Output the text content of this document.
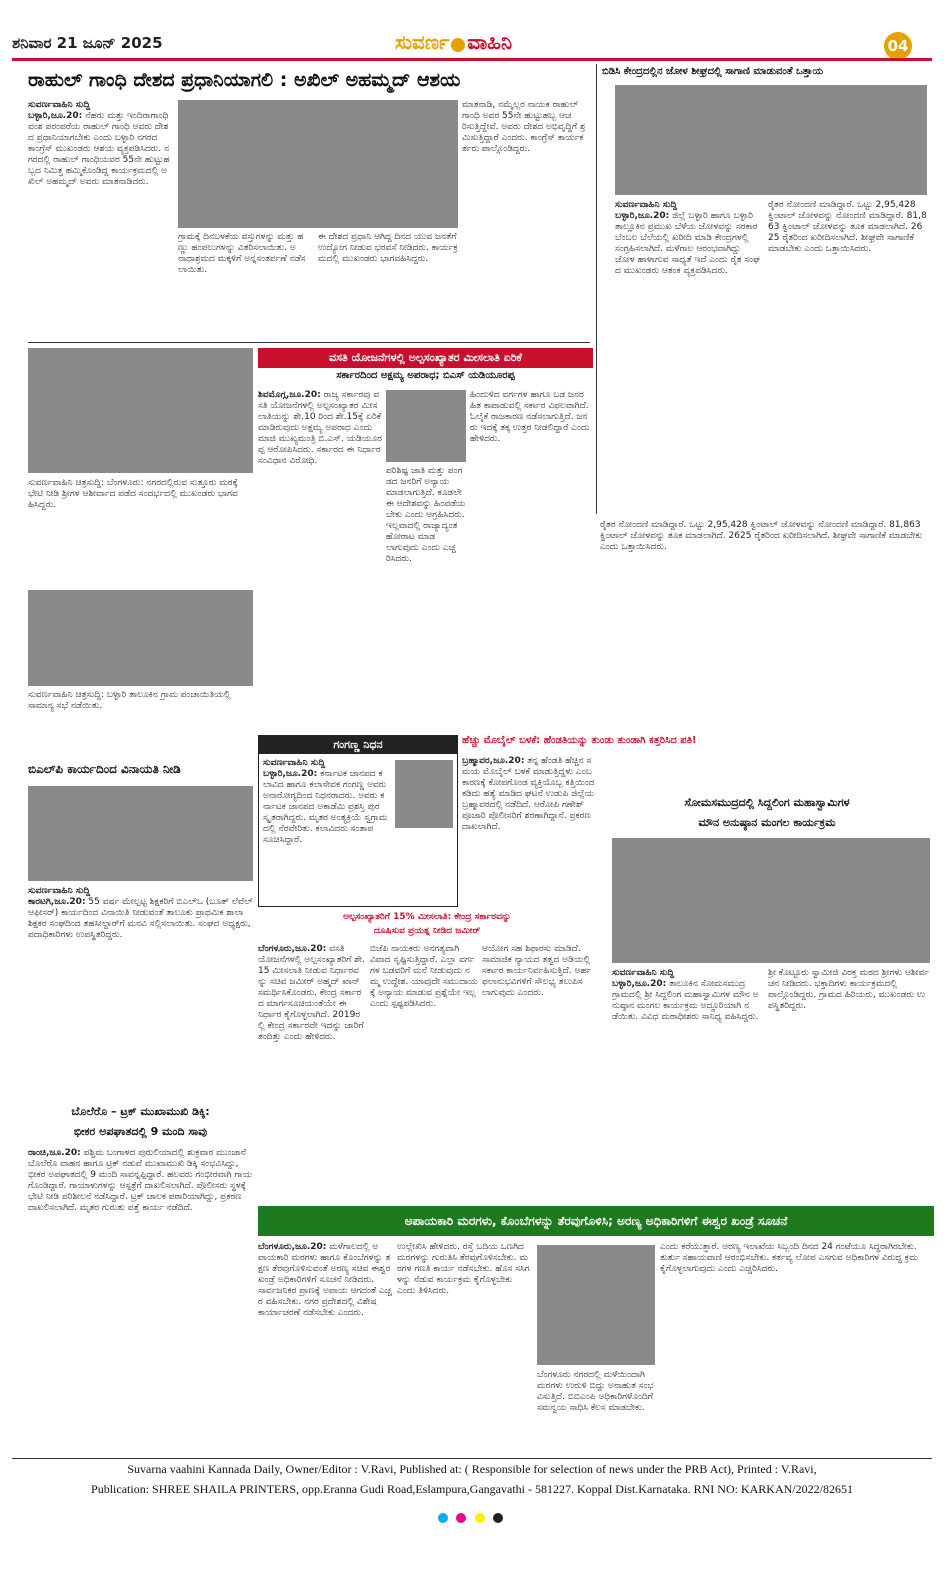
ಶನಿವಾರ 21 ಜೂನ್ 2025	ಸುವರ್ಣ ವಾಹಿನಿ	04
ರಾಹುಲ್ ಗಾಂಧಿ ದೇಶದ ಪ್ರಧಾನಿಯಾಗಲಿ : ಅಖಿಲ್ ಅಹಮ್ಮದ್ ಆಶಯ
ಸುವರ್ಣವಾಹಿನಿ ಸುದ್ದಿ
ಬಳ್ಳಾರಿ,ಜೂ.20: ನೆಹರು ಮತ್ತು ಇಂದಿರಾಗಾಂಧಿ ವಂಶ ಪರಂಪರೆಯ ರಾಹುಲ್ ಗಾಂಧಿ ಅವರು ದೇಶದ ಪ್ರಧಾನಿಯಾಗಬೇಕು ಎಂದು ಬಳ್ಳಾರಿ ನಗರದ ಕಾಂಗ್ರೆಸ್ ಮುಖಂಡರು ಆಶಯ ವ್ಯಕ್ತಪಡಿಸಿದರು. ನಗರದಲ್ಲಿ ರಾಹುಲ್ ಗಾಂಧಿಯವರ 55ನೇ ಹುಟ್ಟುಹಬ್ಬದ ನಿಮಿತ್ತ ಹಮ್ಮಿಕೊಂಡಿದ್ದ ಕಾರ್ಯಕ್ರಮದಲ್ಲಿ ಅಖಿಲ್ ಅಹಮ್ಮದ್ ಅವರು ಮಾತನಾಡಿದರು.
ಗ್ರಾಮಕ್ಕೆ ದಿನಬಳಕೆಯ ವಸ್ತುಗಳನ್ನು ಮತ್ತು ಹಣ್ಣು ಹಂಪಲುಗಳನ್ನು ವಿತರಿಸಲಾಯಿತು. ಅನಾಥಾಶ್ರಮದ ಮಕ್ಕಳಿಗೆ ಅನ್ನಸಂತರ್ಪಣೆ ನಡೆಸಲಾಯಿತು.
ಈ ದೇಶದ ಪ್ರಧಾನಿ ಆಗಿದ್ದ ದಿನದ ಯುವ ಜನತೆಗೆ ಉದ್ಯೋಗ ನೀಡುವ ಭರವಸೆ ನೀಡಿದರು. ಕಾರ್ಯಕ್ರಮದಲ್ಲಿ ಮುಖಂಡರು ಭಾಗವಹಿಸಿದ್ದರು.
ಮಾತನಾಡಿ, ನಮ್ಮೆಲ್ಲರ ನಾಯಕ ರಾಹುಲ್ ಗಾಂಧಿ ಅವರ 55ನೇ ಹುಟ್ಟುಹಬ್ಬ ಆಚರಿಸುತ್ತಿದ್ದೇವೆ. ಅವರು ದೇಶದ ಅಭಿವೃದ್ಧಿಗೆ ಶ್ರಮಿಸುತ್ತಿದ್ದಾರೆ ಎಂದರು. ಕಾಂಗ್ರೆಸ್ ಕಾರ್ಯಕರ್ತರು ಪಾಲ್ಗೊಂಡಿದ್ದರು.
ಬಿಡಿಸಿ ಕೇಂದ್ರದಲ್ಲಿನ ಜೋಳ ಶೀಘ್ರದಲ್ಲಿ ಸಾಗಾಣಿ ಮಾಡುವಂತೆ ಒತ್ತಾಯ
ಸುವರ್ಣವಾಹಿನಿ ಸುದ್ದಿ
ಬಳ್ಳಾರಿ,ಜೂ.20: ಜಿಲ್ಲೆ ಬಳ್ಳಾರಿ ಹಾಗೂ ಬಳ್ಳಾರಿ ತಾಲ್ಲೂಕಿನ ಪ್ರಮುಖ ಬೆಳೆಯ ಜೋಳವನ್ನು ಸರಕಾರ ಬೆಂಬಲ ಬೆಲೆಯಲ್ಲಿ ಖರೀದಿ ಮಾಡಿ ಕೇಂದ್ರಗಳಲ್ಲಿ ಸಂಗ್ರಹಿಸಲಾಗಿದೆ. ಮಳೆಗಾಲ ಆರಂಭವಾಗಿದ್ದು ಜೋಳ ಹಾಳಾಗುವ ಸಾಧ್ಯತೆ ಇದೆ ಎಂದು ರೈತ ಸಂಘದ ಮುಖಂಡರು ಆತಂಕ ವ್ಯಕ್ತಪಡಿಸಿದರು.
ರೈತರ ನೋಂದಣಿ ಮಾಡಿದ್ದಾರೆ. ಒಟ್ಟು 2,95,428 ಕ್ವಿಂಟಾಲ್ ಜೋಳವನ್ನು ನೋಂದಣಿ ಮಾಡಿದ್ದಾರೆ. 81,863 ಕ್ವಿಂಟಾಲ್ ಜೋಳವನ್ನು ತೂಕ ಮಾಡಲಾಗಿದೆ. 2625 ರೈತರಿಂದ ಖರೀದಿಸಲಾಗಿದೆ. ಶೀಘ್ರವೇ ಸಾಗಾಣಿಕೆ ಮಾಡಬೇಕು ಎಂದು ಒತ್ತಾಯಿಸಿದರು.
ಸುವರ್ಣವಾಹಿನಿ ಚಿತ್ರಸುದ್ದಿ: ಬೆಂಗಳೂರು: ನಗರದಲ್ಲಿರುವ ಸುತ್ತೂರು ಮಠಕ್ಕೆ ಭೇಟಿ ನೀಡಿ ಶ್ರೀಗಳ ಆಶೀರ್ವಾದ ಪಡೆದ ಸಂದರ್ಭದಲ್ಲಿ ಮುಖಂಡರು ಭಾಗವಹಿಸಿದ್ದರು.
ಸುವರ್ಣವಾಹಿನಿ ಚಿತ್ರಸುದ್ದಿ: ಬಳ್ಳಾರಿ ತಾಲೂಕಿನ ಗ್ರಾಮ ಪಂಚಾಯಿತಿಯಲ್ಲಿ ಸಾಮಾನ್ಯ ಸಭೆ ನಡೆಯಿತು.
ವಸತಿ ಯೋಜನೆಗಳಲ್ಲಿ ಅಲ್ಪಸಂಖ್ಯಾತರ ಮೀಸಲಾತಿ ಏರಿಕೆ
ಸರ್ಕಾರದಿಂದ ಅಕ್ಷಮ್ಯ ಅಪರಾಧ; ಬಿಎಸ್ ಯಡಿಯೂರಪ್ಪ
ಶಿವಮೊಗ್ಗ,ಜೂ.20: ರಾಜ್ಯ ಸರ್ಕಾರವು ವಸತಿ ಯೋಜನೆಗಳಲ್ಲಿ ಅಲ್ಪಸಂಖ್ಯಾತರ ಮೀಸಲಾತಿಯನ್ನು ಶೇ.10 ರಿಂದ ಶೇ.15ಕ್ಕೆ ಏರಿಕೆ ಮಾಡಿರುವುದು ಅಕ್ಷಮ್ಯ ಅಪರಾಧ ಎಂದು ಮಾಜಿ ಮುಖ್ಯಮಂತ್ರಿ ಬಿ.ಎಸ್. ಯಡಿಯೂರಪ್ಪ ಆರೋಪಿಸಿದರು. ಸರ್ಕಾರದ ಈ ನಿರ್ಧಾರ ಸಂವಿಧಾನ ವಿರೋಧಿ.
ಪರಿಶಿಷ್ಟ ಜಾತಿ ಮತ್ತು ಪಂಗಡದ ಜನರಿಗೆ ಅನ್ಯಾಯ ಮಾಡಲಾಗುತ್ತಿದೆ. ಕೂಡಲೇ ಈ ಆದೇಶವನ್ನು ಹಿಂಪಡೆಯಬೇಕು ಎಂದು ಆಗ್ರಹಿಸಿದರು. ಇಲ್ಲವಾದಲ್ಲಿ ರಾಜ್ಯಾದ್ಯಂತ ಹೋರಾಟ ಮಾಡಲಾಗುವುದು ಎಂದು ಎಚ್ಚರಿಸಿದರು.
ಹಿಂದುಳಿದ ವರ್ಗಗಳ ಹಾಗೂ ಬಡ ಜನರ ಹಿತ ಕಾಪಾಡುವಲ್ಲಿ ಸರ್ಕಾರ ವಿಫಲವಾಗಿದೆ. ಓಲೈಕೆ ರಾಜಕಾರಣ ನಡೆಸಲಾಗುತ್ತಿದೆ. ಜನರು ಇದಕ್ಕೆ ತಕ್ಕ ಉತ್ತರ ನೀಡಲಿದ್ದಾರೆ ಎಂದು ಹೇಳಿದರು.
ರೈತರ ನೋಂದಣಿ ಮಾಡಿದ್ದಾರೆ. ಒಟ್ಟು 2,95,428 ಕ್ವಿಂಟಾಲ್ ಜೋಳವನ್ನು ನೋಂದಣಿ ಮಾಡಿದ್ದಾರೆ. 81,863 ಕ್ವಿಂಟಾಲ್ ಜೋಳವನ್ನು ತೂಕ ಮಾಡಲಾಗಿದೆ. 2625 ರೈತರಿಂದ ಖರೀದಿಸಲಾಗಿದೆ. ಶೀಘ್ರವೇ ಸಾಗಾಣಿಕೆ ಮಾಡಬೇಕು ಎಂದು ಒತ್ತಾಯಿಸಿದರು.
ಬಿಎಲ್‌ಪಿ ಕಾರ್ಯದಿಂದ ವಿನಾಯತಿ ನೀಡಿ
ಸುವರ್ಣವಾಹಿನಿ ಸುದ್ದಿ
ಕಾರಟಗಿ,ಜೂ.20: 55 ವರ್ಷ ಮೇಲ್ಪಟ್ಟ ಶಿಕ್ಷಕರಿಗೆ ಬಿಎಲ್‌ಒ (ಬೂತ್ ಲೆವೆಲ್ ಆಫೀಸರ್) ಕಾರ್ಯದಿಂದ ವಿನಾಯಿತಿ ನೀಡುವಂತೆ ತಾಲೂಕು ಪ್ರಾಥಮಿಕ ಶಾಲಾ ಶಿಕ್ಷಕರ ಸಂಘದಿಂದ ತಹಸೀಲ್ದಾರ್‌ಗೆ ಮನವಿ ಸಲ್ಲಿಸಲಾಯಿತು. ಸಂಘದ ಅಧ್ಯಕ್ಷರು, ಪದಾಧಿಕಾರಿಗಳು ಉಪಸ್ಥಿತರಿದ್ದರು.
ಬೊಲೆರೊ – ಟ್ರಕ್ ಮುಖಾಮುಖಿ ಡಿಕ್ಕಿ:
ಭೀಕರ ಅಪಘಾತದಲ್ಲಿ 9 ಮಂದಿ ಸಾವು
ರಾಂಚಿ,ಜೂ.20: ಪಶ್ಚಿಮ ಬಂಗಾಳದ ಪುರುಲಿಯಾದಲ್ಲಿ ಶುಕ್ರವಾರ ಮುಂಜಾನೆ ಬೊಲೆರೊ ವಾಹನ ಹಾಗೂ ಟ್ರಕ್ ನಡುವೆ ಮುಖಾಮುಖಿ ಡಿಕ್ಕಿ ಸಂಭವಿಸಿದ್ದು, ಭೀಕರ ಅಪಘಾತದಲ್ಲಿ 9 ಮಂದಿ ಸಾವನ್ನಪ್ಪಿದ್ದಾರೆ. ಹಲವರು ಗಂಭೀರವಾಗಿ ಗಾಯಗೊಂಡಿದ್ದಾರೆ. ಗಾಯಾಳುಗಳನ್ನು ಆಸ್ಪತ್ರೆಗೆ ದಾಖಲಿಸಲಾಗಿದೆ. ಪೊಲೀಸರು ಸ್ಥಳಕ್ಕೆ ಭೇಟಿ ನೀಡಿ ಪರಿಶೀಲನೆ ನಡೆಸಿದ್ದಾರೆ. ಟ್ರಕ್ ಚಾಲಕ ಪರಾರಿಯಾಗಿದ್ದು, ಪ್ರಕರಣ ದಾಖಲಿಸಲಾಗಿದೆ. ಮೃತರ ಗುರುತು ಪತ್ತೆ ಕಾರ್ಯ ನಡೆದಿದೆ.
ಗಂಗಣ್ಣ ನಿಧನ
ಸುವರ್ಣವಾಹಿನಿ ಸುದ್ದಿ
ಬಳ್ಳಾರಿ,ಜೂ.20: ಕರ್ನಾಟಕ ಜಾನಪದ ಕಲಾವಿದ ಹಾಗೂ ಕಲಾಸೇವಕ ಗಂಗಣ್ಣ ಅವರು ಅನಾರೋಗ್ಯದಿಂದ ನಿಧನರಾದರು. ಅವರು ಕರ್ನಾಟಕ ಜಾನಪದ ಅಕಾಡೆಮಿ ಪ್ರಶಸ್ತಿ ಪುರಸ್ಕೃತರಾಗಿದ್ದರು. ಮೃತರ ಅಂತ್ಯಕ್ರಿಯೆ ಸ್ವಗ್ರಾಮದಲ್ಲಿ ನೆರವೇರಿತು. ಕಲಾವಿದರು ಸಂತಾಪ ಸೂಚಿಸಿದ್ದಾರೆ.
ಹೆಚ್ಚು ಮೊಬೈಲ್ ಬಳಕೆ: ಹೆಂಡತಿಯನ್ನು ತುಂಡು ತುಂಡಾಗಿ ಕತ್ತರಿಸಿದ ಪತಿ!
ಬ್ರಹ್ಮಾವರ,ಜೂ.20: ತನ್ನ ಹೆಂಡತಿ ಹೆಚ್ಚಿನ ಸಮಯ ಮೊಬೈಲ್ ಬಳಕೆ ಮಾಡುತ್ತಿದ್ದಳು ಎಂಬ ಕಾರಣಕ್ಕೆ ಕೋಪಗೊಂಡ ವ್ಯಕ್ತಿಯೊಬ್ಬ ಕತ್ತಿಯಿಂದ ಕಡಿದು ಹತ್ಯೆ ಮಾಡಿದ ಘಟನೆ ಉಡುಪಿ ಜಿಲ್ಲೆಯ ಬ್ರಹ್ಮಾವರದಲ್ಲಿ ನಡೆದಿದೆ. ಆರೋಪಿ ಗಣೇಶ್ ಪೂಜಾರಿ ಪೊಲೀಸರಿಗೆ ಶರಣಾಗಿದ್ದಾನೆ. ಪ್ರಕರಣ ದಾಖಲಾಗಿದೆ.
ಅಲ್ಪಸಂಖ್ಯಾತರಿಗೆ 15% ಮೀಸಲಾತಿ: ಕೇಂದ್ರ ಸರ್ಕಾರವನ್ನು
ದೂಷಿಸುವ ಪ್ರಯತ್ನ ನೀಡಿದ ಜಮೀರ್
ಬೆಂಗಳೂರು,ಜೂ.20: ವಸತಿ ಯೋಜನೆಗಳಲ್ಲಿ ಅಲ್ಪಸಂಖ್ಯಾತರಿಗೆ ಶೇ.15 ಮೀಸಲಾತಿ ನೀಡುವ ನಿರ್ಧಾರವನ್ನು ಸಚಿವ ಜಮೀರ್ ಅಹ್ಮದ್ ಖಾನ್ ಸಮರ್ಥಿಸಿಕೊಂಡರು. ಕೇಂದ್ರ ಸರ್ಕಾರದ ಮಾರ್ಗಸೂಚಿಯಂತೆಯೇ ಈ ನಿರ್ಧಾರ ಕೈಗೊಳ್ಳಲಾಗಿದೆ. 2019ರಲ್ಲಿ ಕೇಂದ್ರ ಸರ್ಕಾರವೇ ಇದನ್ನು ಜಾರಿಗೆ ತಂದಿತ್ತು ಎಂದು ಹೇಳಿದರು.
ಬಿಜೆಪಿ ನಾಯಕರು ಅನಗತ್ಯವಾಗಿ ವಿವಾದ ಸೃಷ್ಟಿಸುತ್ತಿದ್ದಾರೆ. ಎಲ್ಲಾ ವರ್ಗಗಳ ಬಡವರಿಗೆ ಮನೆ ನೀಡುವುದು ನಮ್ಮ ಉದ್ದೇಶ. ಯಾವುದೇ ಸಮುದಾಯಕ್ಕೆ ಅನ್ಯಾಯ ಮಾಡುವ ಪ್ರಶ್ನೆಯೇ ಇಲ್ಲ ಎಂದು ಸ್ಪಷ್ಟಪಡಿಸಿದರು.
ಆಯೋಗ ಸಹ ಶಿಫಾರಸು ಮಾಡಿದೆ. ಸಾಮಾಜಿಕ ನ್ಯಾಯದ ತತ್ವದ ಅಡಿಯಲ್ಲಿ ಸರ್ಕಾರ ಕಾರ್ಯನಿರ್ವಹಿಸುತ್ತಿದೆ. ಅರ್ಹ ಫಲಾನುಭವಿಗಳಿಗೆ ಸೌಲಭ್ಯ ತಲುಪಿಸಲಾಗುವುದು ಎಂದರು.
ಸೋಮಸಮುದ್ರದಲ್ಲಿ ಸಿದ್ದಲಿಂಗ ಮಹಾಸ್ವಾಮಿಗಳ
ಮೌನ ಅನುಷ್ಠಾನ ಮಂಗಲ ಕಾರ್ಯಕ್ರಮ
ಸುವರ್ಣವಾಹಿನಿ ಸುದ್ದಿ
ಬಳ್ಳಾರಿ,ಜೂ.20: ತಾಲೂಕಿನ ಸೋಮಸಮುದ್ರ ಗ್ರಾಮದಲ್ಲಿ ಶ್ರೀ ಸಿದ್ದಲಿಂಗ ಮಹಾಸ್ವಾಮಿಗಳ ಮೌನ ಅನುಷ್ಠಾನ ಮಂಗಲ ಕಾರ್ಯಕ್ರಮ ಅದ್ಧೂರಿಯಾಗಿ ನಡೆಯಿತು. ವಿವಿಧ ಮಠಾಧೀಶರು ಸಾನಿಧ್ಯ ವಹಿಸಿದ್ದರು.
ಶ್ರೀ ಕೊಟ್ಟೂರು ಸ್ವಾಮೀಜಿ ವಿರಕ್ತ ಮಠದ ಶ್ರೀಗಳು ಆಶೀರ್ವಚನ ನೀಡಿದರು. ಭಕ್ತಾದಿಗಳು ಕಾರ್ಯಕ್ರಮದಲ್ಲಿ ಪಾಲ್ಗೊಂಡಿದ್ದರು. ಗ್ರಾಮದ ಹಿರಿಯರು, ಮುಖಂಡರು ಉಪಸ್ಥಿತರಿದ್ದರು.
ಅಪಾಯಕಾರಿ ಮರಗಳು, ಕೊಂಬೆಗಳನ್ನು ತೆರವುಗೊಳಿಸಿ; ಅರಣ್ಯ ಅಧಿಕಾರಿಗಳಿಗೆ ಈಶ್ವರ ಖಂಡ್ರೆ ಸೂಚನೆ
ಬೆಂಗಳೂರು,ಜೂ.20: ಮಳೆಗಾಲದಲ್ಲಿ ಅಪಾಯಕಾರಿ ಮರಗಳು ಹಾಗೂ ಕೊಂಬೆಗಳನ್ನು ತಕ್ಷಣ ತೆರವುಗೊಳಿಸುವಂತೆ ಅರಣ್ಯ ಸಚಿವ ಈಶ್ವರ ಖಂಡ್ರೆ ಅಧಿಕಾರಿಗಳಿಗೆ ಸೂಚನೆ ನೀಡಿದರು. ಸಾರ್ವಜನಿಕರ ಪ್ರಾಣಕ್ಕೆ ಅಪಾಯ ಆಗದಂತೆ ಎಚ್ಚರ ವಹಿಸಬೇಕು. ನಗರ ಪ್ರದೇಶದಲ್ಲಿ ವಿಶೇಷ ಕಾರ್ಯಾಚರಣೆ ನಡೆಸಬೇಕು ಎಂದರು.
ಉಲ್ಲೇಖಿಸಿ ಹೇಳಿದರು. ರಸ್ತೆ ಬದಿಯ ಒಣಗಿದ ಮರಗಳನ್ನು ಗುರುತಿಸಿ ತೆರವುಗೊಳಿಸಬೇಕು. ಮರಗಳ ಗಣತಿ ಕಾರ್ಯ ನಡೆಸಬೇಕು. ಹೊಸ ಸಸಿಗಳನ್ನು ನೆಡುವ ಕಾರ್ಯಕ್ರಮ ಕೈಗೊಳ್ಳಬೇಕು ಎಂದು ತಿಳಿಸಿದರು.
ಬೆಂಗಳೂರು ನಗರದಲ್ಲಿ ಮಳೆಯಿಂದಾಗಿ ಮರಗಳು ಉರುಳಿ ಬಿದ್ದು ಅನಾಹುತ ಸಂಭವಿಸುತ್ತಿದೆ. ಬಿಬಿಎಂಪಿ ಅಧಿಕಾರಿಗಳೊಂದಿಗೆ ಸಮನ್ವಯ ಸಾಧಿಸಿ ಕೆಲಸ ಮಾಡಬೇಕು.
ಎಂದು ಕರೆಯುತ್ತಾರೆ. ಅರಣ್ಯ ಇಲಾಖೆಯ ಸಿಬ್ಬಂದಿ ದಿನದ 24 ಗಂಟೆಯೂ ಸಿದ್ಧರಾಗಿರಬೇಕು. ತುರ್ತು ಸಹಾಯವಾಣಿ ಆರಂಭಿಸಬೇಕು. ಕರ್ತವ್ಯ ಲೋಪ ಎಸಗುವ ಅಧಿಕಾರಿಗಳ ವಿರುದ್ಧ ಕ್ರಮ ಕೈಗೊಳ್ಳಲಾಗುವುದು ಎಂದು ಎಚ್ಚರಿಸಿದರು.
Suvarna vaahini Kannada Daily, Owner/Editor : V.Ravi, Published at: ( Responsible for selection of news under the PRB Act), Printed : V.Ravi,
Publication: SHREE SHAILA PRINTERS, opp.Eranna Gudi Road,Eslampura,Gangavathi - 581227. Koppal Dist.Karnataka. RNI NO: KARKAN/2022/82651
